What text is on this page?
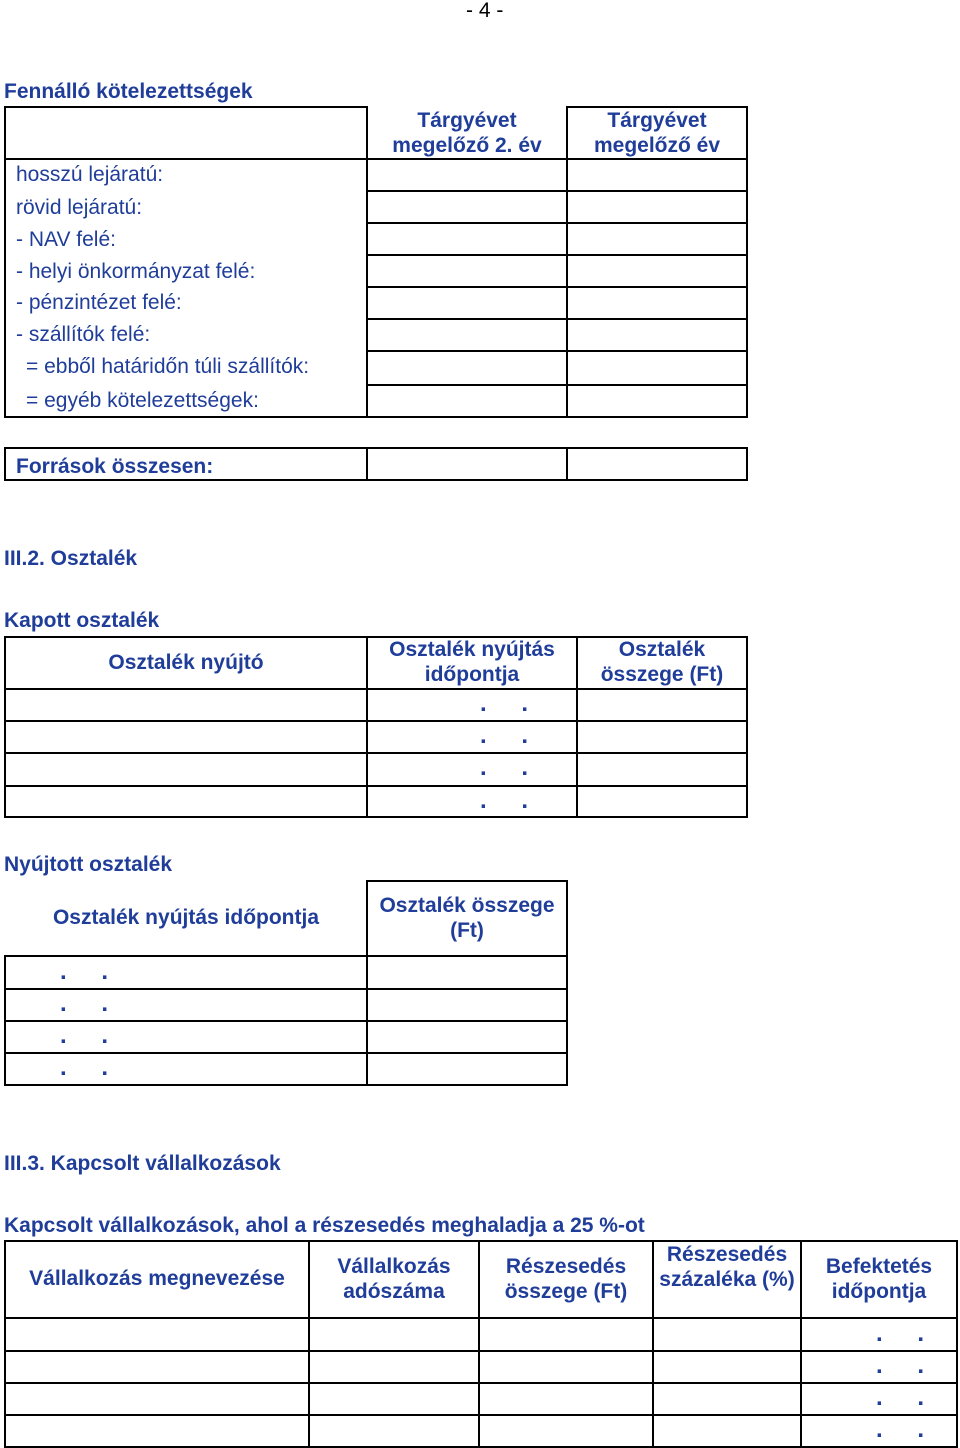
- 4 -
Fennálló kötelezettségek
Tárgyévet megelőző 2. év
Tárgyévet megelőző év
hosszú lejáratú:
rövid lejáratú:
- NAV felé:
- helyi önkormányzat felé:
- pénzintézet felé:
- szállítók felé:
= ebből határidőn túli szállítók:
= egyéb kötelezettségek:
Források összesen:
III.2. Osztalék
Kapott osztalék
Osztalék nyújtó
Osztalék nyújtás időpontja
Osztalék összege (Ft)
. .
. .
. .
. .
Nyújtott osztalék
Osztalék nyújtás időpontja
Osztalék összege (Ft)
. .
. .
. .
. .
III.3. Kapcsolt vállalkozások
Kapcsolt vállalkozások, ahol a részesedés meghaladja a 25 %-ot
Vállalkozás megnevezése
Vállalkozás adószáma
Részesedés összege (Ft)
Részesedés százaléka (%)
Befektetés időpontja
. .
. .
. .
. .
